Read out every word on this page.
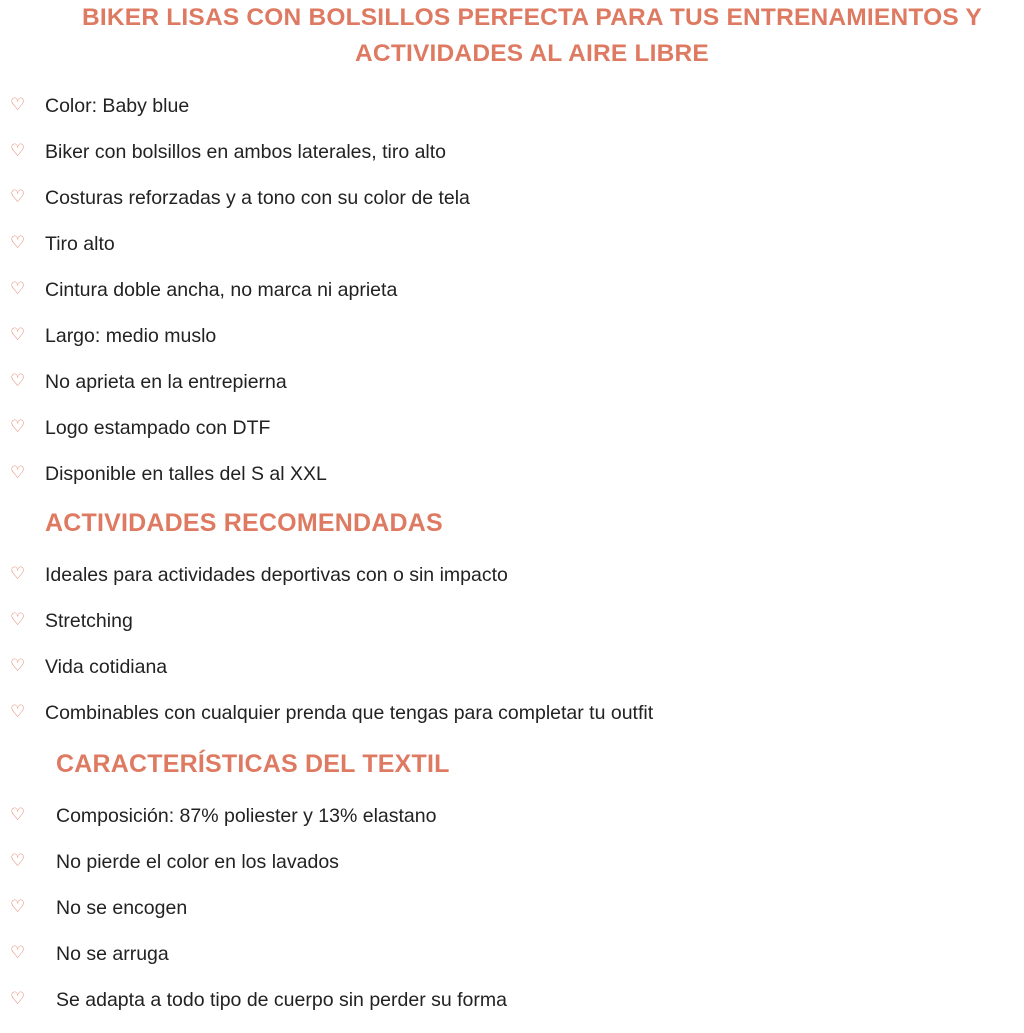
BIKER LISAS CON BOLSILLOS PERFECTA PARA TUS ENTRENAMIENTOS Y
ACTIVIDADES AL AIRE LIBRE
♡ Color: Baby blue
♡ Biker con bolsillos en ambos laterales, tiro alto
♡ Costuras reforzadas y a tono con su color de tela
♡ Tiro alto
♡ Cintura doble ancha, no marca ni aprieta
♡ Largo: medio muslo
♡ No aprieta en la entrepierna
♡ Logo estampado con DTF
♡ Disponible en talles del S al XXL
ACTIVIDADES RECOMENDADAS
♡ Ideales para actividades deportivas con o sin impacto
♡ Stretching
♡ Vida cotidiana
♡ Combinables con cualquier prenda que tengas para completar tu outfit
CARACTERÍSTICAS DEL TEXTIL
♡ Composición: 87% poliester y 13% elastano
♡ No pierde el color en los lavados
♡ No se encogen
♡ No se arruga
♡ Se adapta a todo tipo de cuerpo sin perder su forma
